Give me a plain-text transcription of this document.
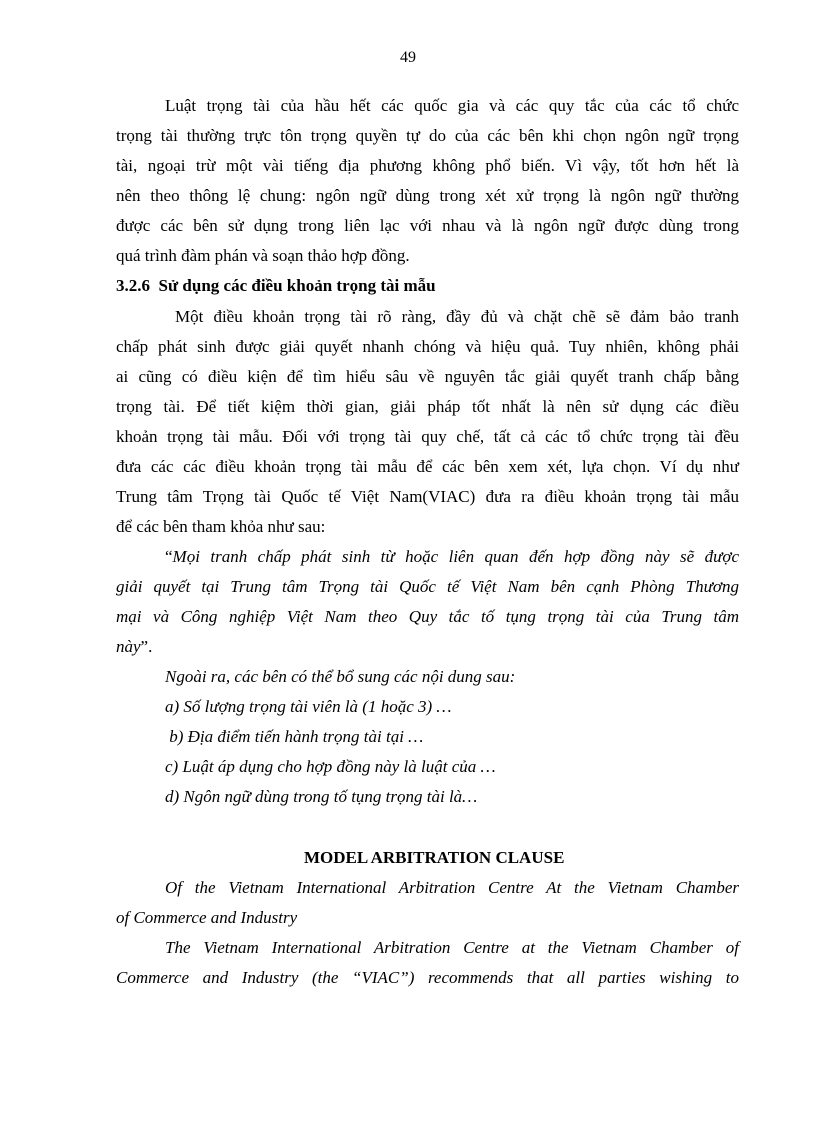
49
Luật trọng tài của hầu hết các quốc gia và các quy tắc của các tổ chức
trọng tài thường trực tôn trọng quyền tự do của các bên khi chọn ngôn ngữ trọng
tài, ngoại trừ một vài tiếng địa phương không phổ biến. Vì vậy, tốt hơn hết là
nên theo thông lệ chung: ngôn ngữ dùng trong xét xử trọng là ngôn ngữ thường
được các bên sử dụng trong liên lạc với nhau và là ngôn ngữ được dùng trong
quá trình đàm phán và soạn thảo hợp đồng.
3.2.6  Sử dụng các điều khoản trọng tài mẫu
Một điều khoản trọng tài rõ ràng, đầy đủ và chặt chẽ sẽ đảm bảo tranh
chấp phát sinh được giải quyết nhanh chóng và hiệu quả. Tuy nhiên, không phải
ai cũng có điều kiện để tìm hiểu sâu về nguyên tắc giải quyết tranh chấp bằng
trọng tài. Để tiết kiệm thời gian, giải pháp tốt nhất là nên sử dụng các điều
khoản trọng tài mẫu. Đối với trọng tài quy chế, tất cả các tổ chức trọng tài đều
đưa các các điều khoản trọng tài mẫu để các bên xem xét, lựa chọn. Ví dụ như
Trung tâm Trọng tài Quốc tế Việt Nam(VIAC) đưa ra điều khoản trọng tài mẫu
để các bên tham khỏa như sau:
“Mọi tranh chấp phát sinh từ hoặc liên quan đến hợp đồng này sẽ được
giải quyết tại Trung tâm Trọng tài Quốc tế Việt Nam bên cạnh Phòng Thương
mại và Công nghiệp Việt Nam theo Quy tắc tố tụng trọng tài của Trung tâm
này”.
Ngoài ra, các bên có thể bổ sung các nội dung sau:
a) Số lượng trọng tài viên là (1 hoặc 3) …
b) Địa điểm tiến hành trọng tài tại …
c) Luật áp dụng cho hợp đồng này là luật của …
d) Ngôn ngữ dùng trong tố tụng trọng tài là…
MODEL ARBITRATION CLAUSE
Of the Vietnam International Arbitration Centre At the Vietnam Chamber
of Commerce and Industry
The Vietnam International Arbitration Centre at the Vietnam Chamber of
Commerce and Industry (the “VIAC”) recommends that all parties wishing to
